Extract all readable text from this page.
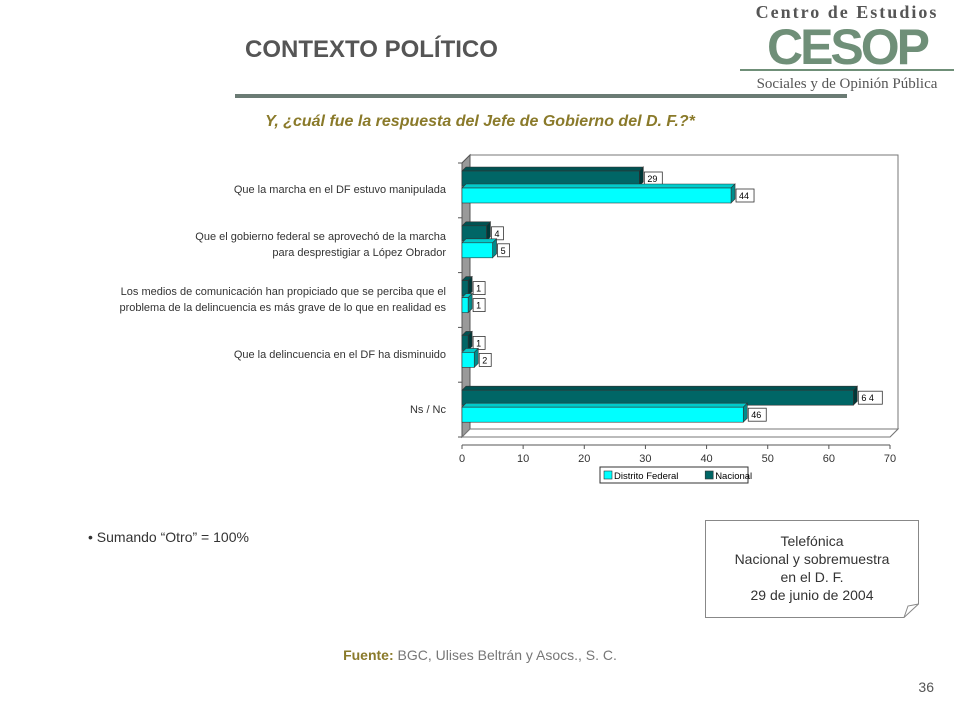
CONTEXTO POLÍTICO
Centro de Estudios
CESOP
Sociales y de Opinión Pública
Y, ¿cuál fue la respuesta del Jefe de Gobierno del D. F.?*
Que la marcha en el DF estuvo manipulada
Que el gobierno federal se aprovechó de la marcha
para desprestigiar a López Obrador
Los medios de comunicación han propiciado que se perciba que el
problema de la delincuencia es más grave de lo que en realidad es
Que la delincuencia en el DF ha disminuido
Ns / Nc
0	10	20	30	40	50	60	70
29
44
4
5
1
1
1
2
6 4
46
Distrito Federal	Nacional
• Sumando “Otro” = 100%	Telefónica
Nacional y sobremuestra
en el D. F.
29 de junio de 2004
Fuente: BGC, Ulises Beltrán y Asocs., S. C.
36
